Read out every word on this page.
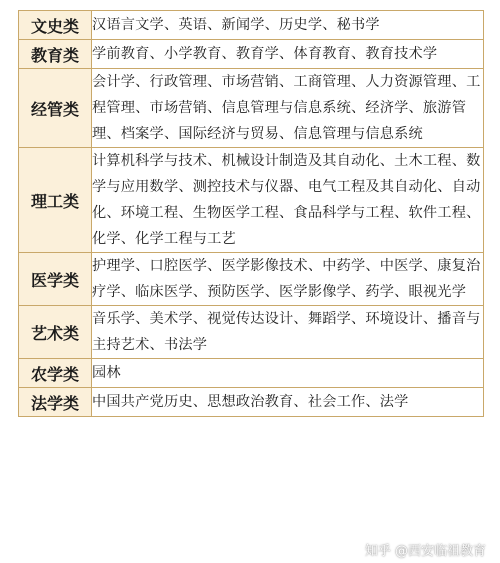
文史类	汉语言文学、英语、新闻学、历史学、秘书学
教育类	学前教育、小学教育、教育学、体育教育、教育技术学
经管类	会计学、行政管理、市场营销、工商管理、人力资源管理、工程管理、市场营销、信息管理与信息系统、经济学、旅游管理、档案学、国际经济与贸易、信息管理与信息系统
理工类	计算机科学与技术、机械设计制造及其自动化、土木工程、数学与应用数学、测控技术与仪器、电气工程及其自动化、自动化、环境工程、生物医学工程、食品科学与工程、软件工程、化学、化学工程与工艺
医学类	护理学、口腔医学、医学影像技术、中药学、中医学、康复治疗学、临床医学、预防医学、医学影像学、药学、眼视光学
艺术类	音乐学、美术学、视觉传达设计、舞蹈学、环境设计、播音与主持艺术、书法学
农学类	园林
法学类	中国共产党历史、思想政治教育、社会工作、法学
知乎 @西安临祖教育
